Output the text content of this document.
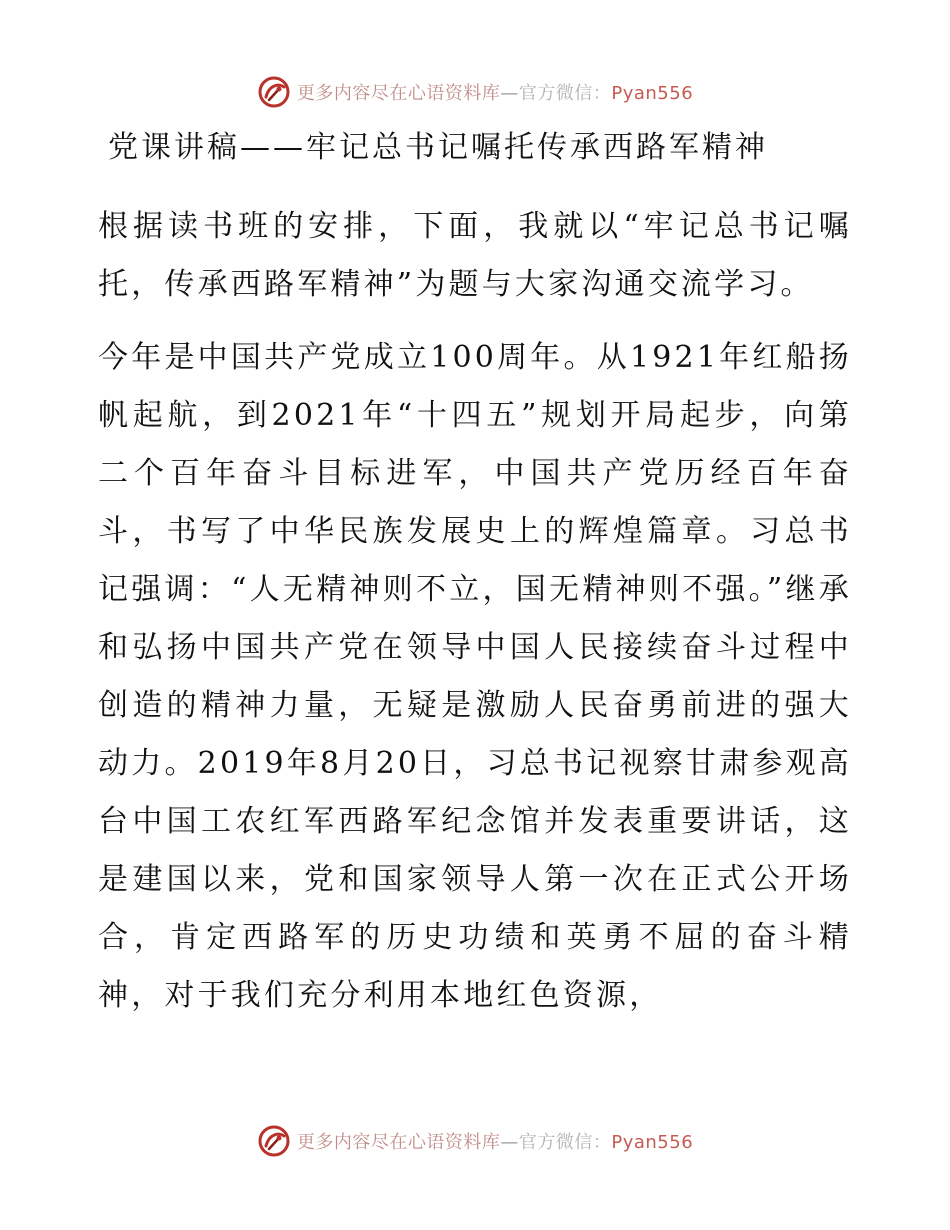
更多内容尽在心语资料库—官方微信：Pyan556
党课讲稿——牢记总书记嘱托传承西路军精神

根据读书班的安排，下面，我就以“牢记总书记嘱托，传承西路军精神”为题与大家沟通交流学习。

今年是中国共产党成立100周年。从1921年红船扬帆起航，到2021年“十四五”规划开局起步，向第二个百年奋斗目标进军，中国共产党历经百年奋斗，书写了中华民族发展史上的辉煌篇章。习总书记强调：“人无精神则不立，国无精神则不强。”继承和弘扬中国共产党在领导中国人民接续奋斗过程中创造的精神力量，无疑是激励人民奋勇前进的强大动力。2019年8月20日，习总书记视察甘肃参观高台中国工农红军西路军纪念馆并发表重要讲话，这是建国以来，党和国家领导人第一次在正式公开场合，肯定西路军的历史功绩和英勇不屈的奋斗精神，对于我们充分利用本地红色资源，

更多内容尽在心语资料库—官方微信：Pyan556
